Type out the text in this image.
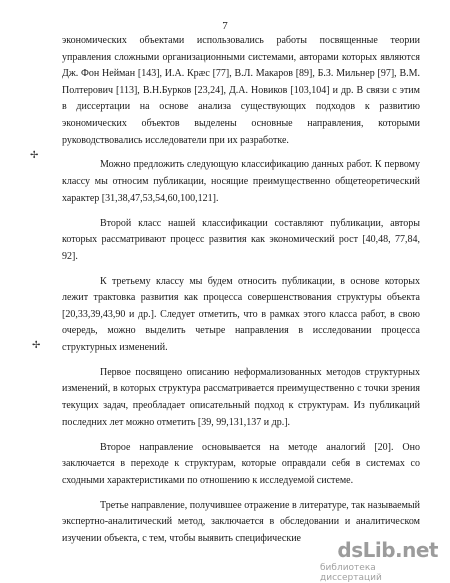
7

экономических объектами использовались работы посвященные теории управления сложными организационными системами, авторами которых являются Дж. Фон Нейман [143], И.А. Крæс [77], В.Л. Макаров [89], Б.З. Мильнер [97], В.М. Полтерович [113], В.Н.Бурков [23,24], Д.А. Новиков [103,104] и др. В связи с этим в диссертации на основе анализа существующих подходов к развитию экономических объектов выделены основные направления, которыми руководствовались исследователи при их разработке.

Можно предложить следующую классификацию данных работ. К первому классу мы относим публикации, носящие преимущественно общетеоретический характер [31,38,47,53,54,60,100,121].

Второй класс нашей классификации составляют публикации, авторы которых рассматривают процесс развития как экономический рост [40,48, 77,84, 92].

К третьему классу мы будем относить публикации, в основе которых лежит трактовка развития как процесса совершенствования структуры объекта [20,33,39,43,90 и др.]. Следует отметить, что в рамках этого класса работ, в свою очередь, можно выделить четыре направления в исследовании процесса структурных изменений.

Первое посвящено описанию неформализованных методов структурных изменений, в которых структура рассматривается преимущественно с точки зрения текущих задач, преобладает описательный подход к структурам. Из публикаций последних лет можно отметить [39, 99,131,137 и др.].

Второе направление основывается на методе аналогий [20]. Оно заключается в переходе к структурам, которые оправдали себя в системах со сходными характеристиками по отношению к исследуемой системе.

Третье направление, получившее отражение в литературе, так называемый экспертно-аналитический метод, заключается в обследовании и аналитическом изучении объекта, с тем, чтобы выявить специфические

✢
✢
dsLib.net
библиотека диссертаций
